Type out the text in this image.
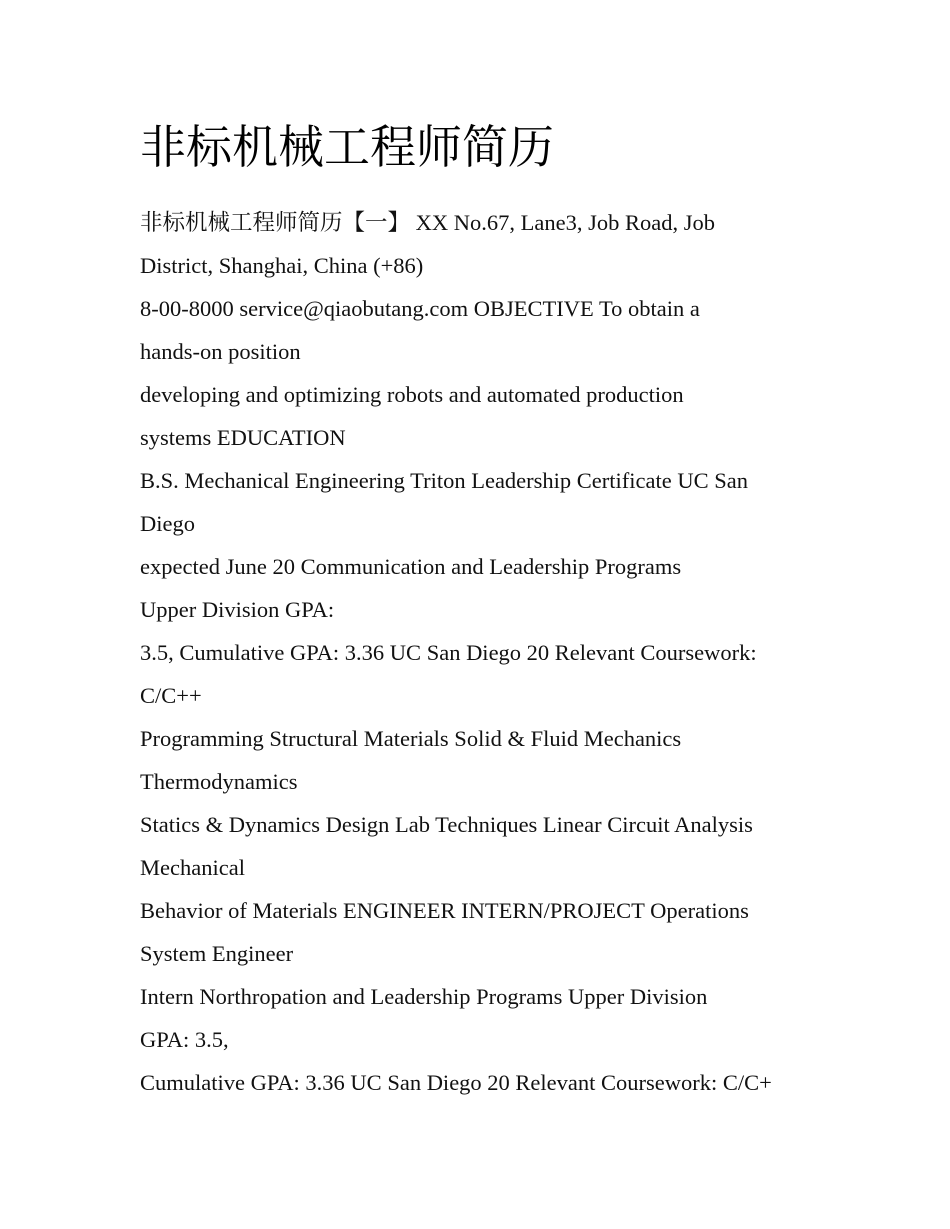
非标机械工程师简历
非标机械工程师简历【一】 XX No.67, Lane3, Job Road, Job
District, Shanghai, China (+86)
8-00-8000 service@qiaobutang.com OBJECTIVE To obtain a
hands-on position
developing and optimizing robots and automated production
systems EDUCATION
B.S. Mechanical Engineering Triton Leadership Certificate UC San
Diego
expected June 20 Communication and Leadership Programs
Upper Division GPA:
3.5, Cumulative GPA: 3.36 UC San Diego 20 Relevant Coursework:
C/C++
Programming Structural Materials Solid & Fluid Mechanics
Thermodynamics
Statics & Dynamics Design Lab Techniques Linear Circuit Analysis
Mechanical
Behavior of Materials ENGINEER INTERN/PROJECT Operations
System Engineer
Intern Northropation and Leadership Programs Upper Division
GPA: 3.5,
Cumulative GPA: 3.36 UC San Diego 20 Relevant Coursework: C/C+
